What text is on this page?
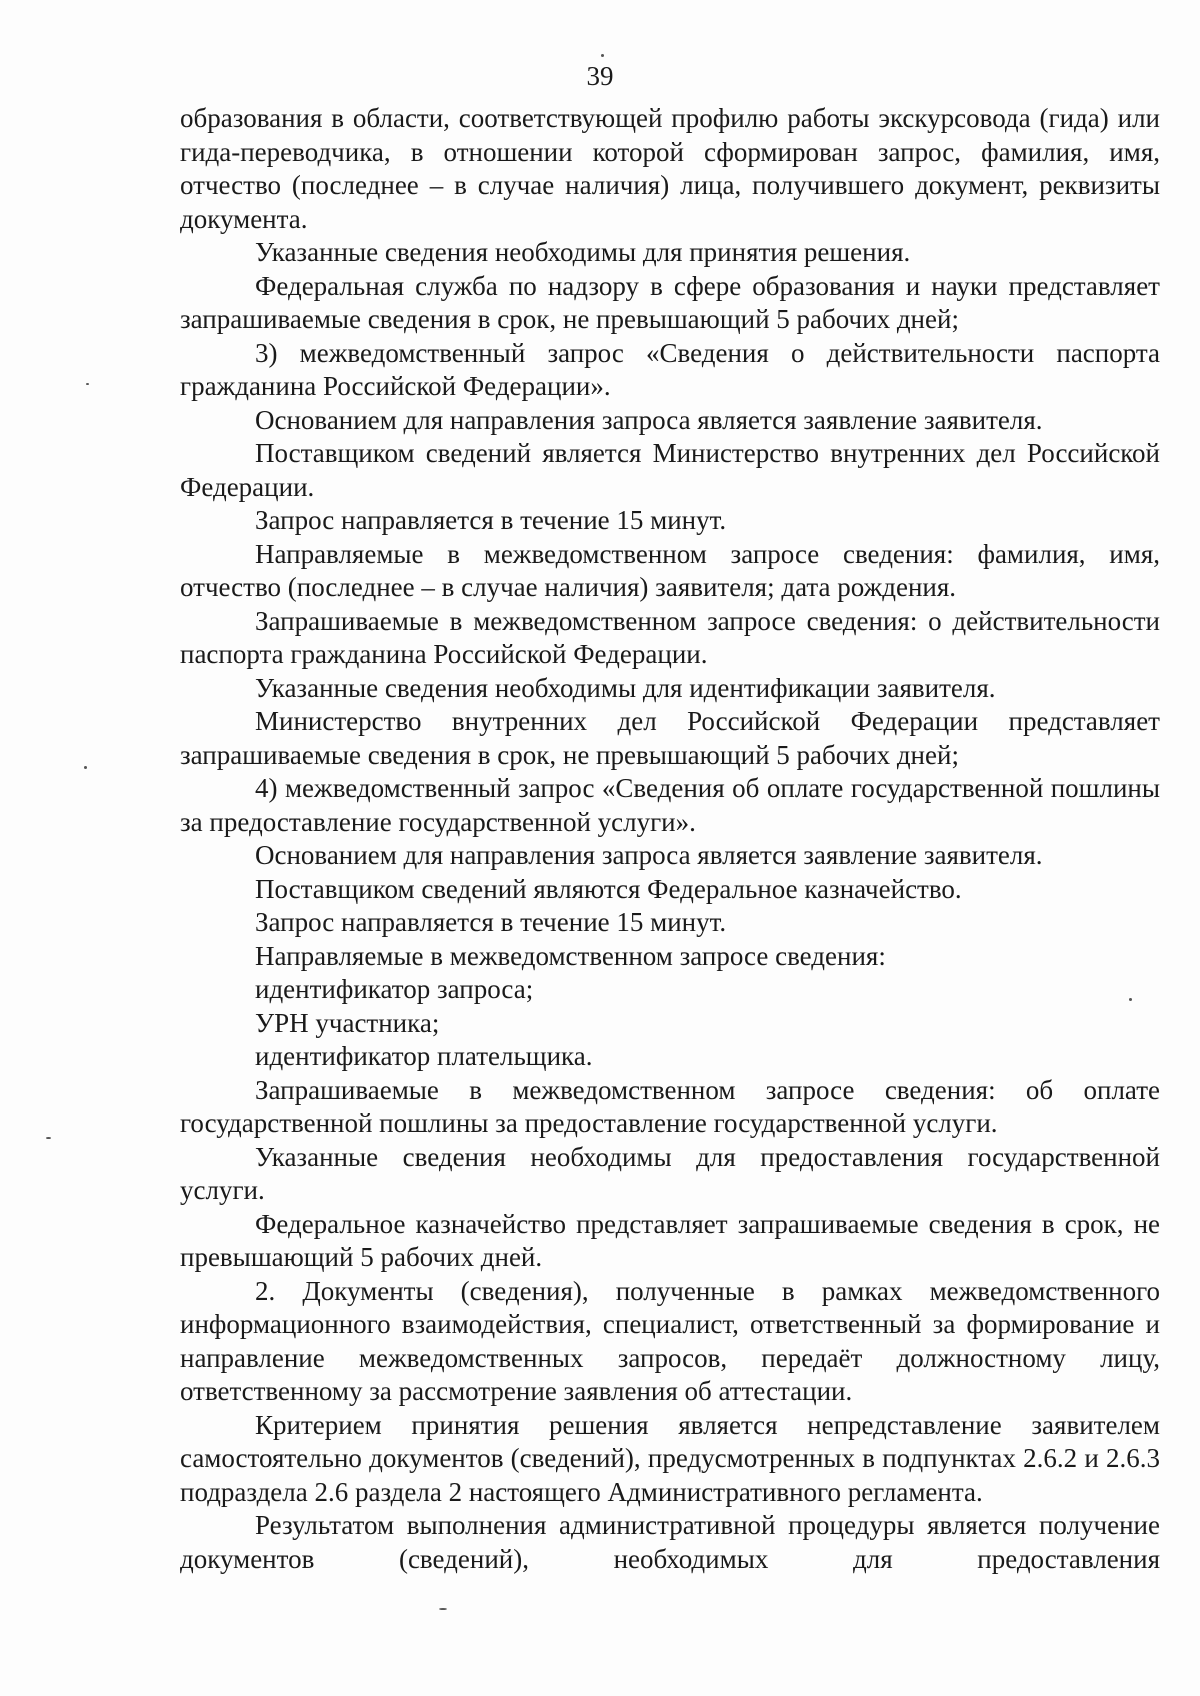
39

образования в области, соответствующей профилю работы экскурсовода (гида) или гида-переводчика, в отношении которой сформирован запрос, фамилия, имя, отчество (последнее – в случае наличия) лица, получившего документ, реквизиты документа.

Указанные сведения необходимы для принятия решения.

Федеральная служба по надзору в сфере образования и науки представляет запрашиваемые сведения в срок, не превышающий 5 рабочих дней;

3) межведомственный запрос «Сведения о действительности паспорта гражданина Российской Федерации».

Основанием для направления запроса является заявление заявителя.

Поставщиком сведений является Министерство внутренних дел Российской Федерации.

Запрос направляется в течение 15 минут.

Направляемые в межведомственном запросе сведения: фамилия, имя, отчество (последнее – в случае наличия) заявителя; дата рождения.

Запрашиваемые в межведомственном запросе сведения: о действительности паспорта гражданина Российской Федерации.

Указанные сведения необходимы для идентификации заявителя.

Министерство внутренних дел Российской Федерации представляет запрашиваемые сведения в срок, не превышающий 5 рабочих дней;

4) межведомственный запрос «Сведения об оплате государственной пошлины за предоставление государственной услуги».

Основанием для направления запроса является заявление заявителя.

Поставщиком сведений являются Федеральное казначейство.

Запрос направляется в течение 15 минут.

Направляемые в межведомственном запросе сведения:

идентификатор запроса;

УРН участника;

идентификатор плательщика.

Запрашиваемые в межведомственном запросе сведения: об оплате государственной пошлины за предоставление государственной услуги.

Указанные сведения необходимы для предоставления государственной услуги.

Федеральное казначейство представляет запрашиваемые сведения в срок, не превышающий 5 рабочих дней.

2. Документы (сведения), полученные в рамках межведомственного информационного взаимодействия, специалист, ответственный за формирование и направление межведомственных запросов, передаёт должностному лицу, ответственному за рассмотрение заявления об аттестации.

Критерием принятия решения является непредставление заявителем самостоятельно документов (сведений), предусмотренных в подпунктах 2.6.2 и 2.6.3 подраздела 2.6 раздела 2 настоящего Административного регламента.

Результатом выполнения административной процедуры является получение документов (сведений), необходимых для предоставления
